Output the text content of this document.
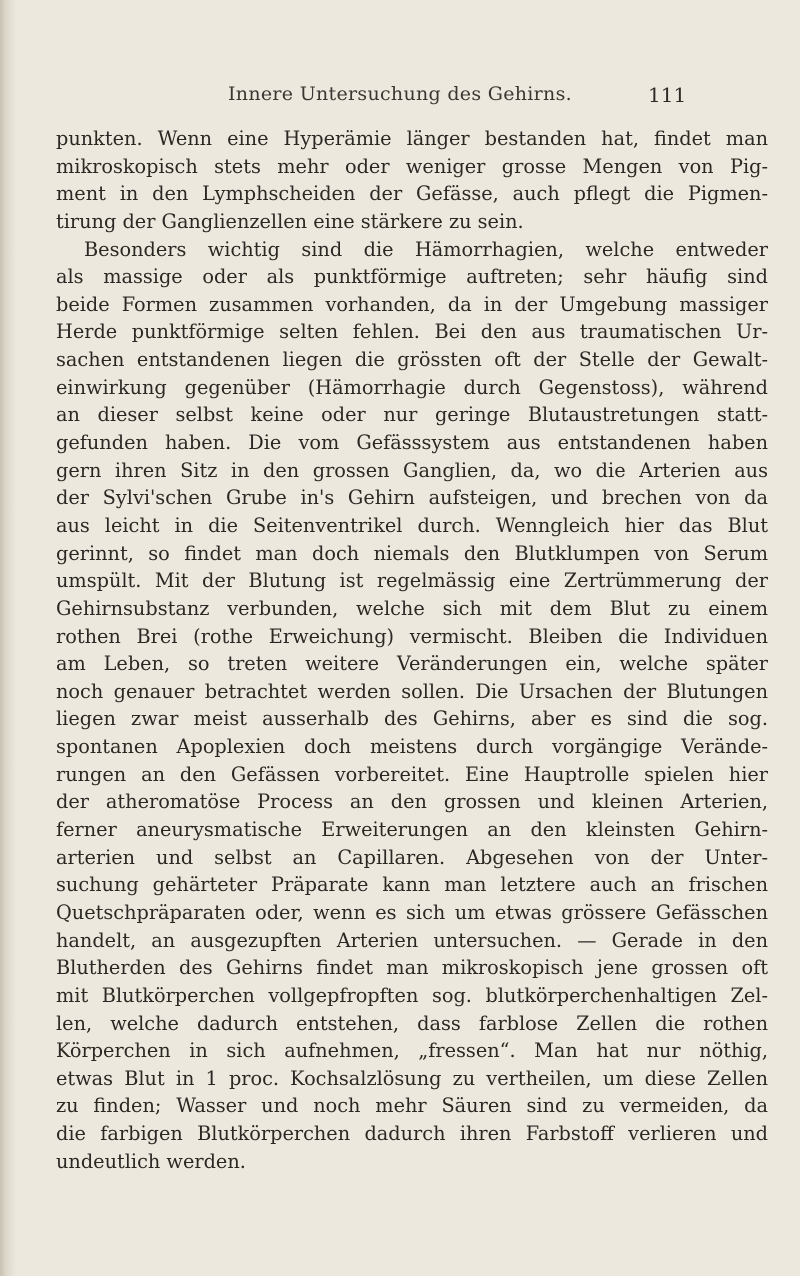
Innere Untersuchung des Gehirns.	111
punkten. Wenn eine Hyperämie länger bestanden hat, findet man
mikroskopisch stets mehr oder weniger grosse Mengen von Pig-
ment in den Lymphscheiden der Gefässe, auch pflegt die Pigmen-
tirung der Ganglienzellen eine stärkere zu sein.
Besonders wichtig sind die Hämorrhagien, welche entweder
als massige oder als punktförmige auftreten; sehr häufig sind
beide Formen zusammen vorhanden, da in der Umgebung massiger
Herde punktförmige selten fehlen. Bei den aus traumatischen Ur-
sachen entstandenen liegen die grössten oft der Stelle der Gewalt-
einwirkung gegenüber (Hämorrhagie durch Gegenstoss), während
an dieser selbst keine oder nur geringe Blutaustretungen statt-
gefunden haben. Die vom Gefässsystem aus entstandenen haben
gern ihren Sitz in den grossen Ganglien, da, wo die Arterien aus
der Sylvi'schen Grube in's Gehirn aufsteigen, und brechen von da
aus leicht in die Seitenventrikel durch. Wenngleich hier das Blut
gerinnt, so findet man doch niemals den Blutklumpen von Serum
umspült. Mit der Blutung ist regelmässig eine Zertrümmerung der
Gehirnsubstanz verbunden, welche sich mit dem Blut zu einem
rothen Brei (rothe Erweichung) vermischt. Bleiben die Individuen
am Leben, so treten weitere Veränderungen ein, welche später
noch genauer betrachtet werden sollen. Die Ursachen der Blutungen
liegen zwar meist ausserhalb des Gehirns, aber es sind die sog.
spontanen Apoplexien doch meistens durch vorgängige Verände-
rungen an den Gefässen vorbereitet. Eine Hauptrolle spielen hier
der atheromatöse Process an den grossen und kleinen Arterien,
ferner aneurysmatische Erweiterungen an den kleinsten Gehirn-
arterien und selbst an Capillaren. Abgesehen von der Unter-
suchung gehärteter Präparate kann man letztere auch an frischen
Quetschpräparaten oder, wenn es sich um etwas grössere Gefässchen
handelt, an ausgezupften Arterien untersuchen. — Gerade in den
Blutherden des Gehirns findet man mikroskopisch jene grossen oft
mit Blutkörperchen vollgepfropften sog. blutkörperchenhaltigen Zel-
len, welche dadurch entstehen, dass farblose Zellen die rothen
Körperchen in sich aufnehmen, „fressen“. Man hat nur nöthig,
etwas Blut in 1 proc. Kochsalzlösung zu vertheilen, um diese Zellen
zu finden; Wasser und noch mehr Säuren sind zu vermeiden, da
die farbigen Blutkörperchen dadurch ihren Farbstoff verlieren und
undeutlich werden.
